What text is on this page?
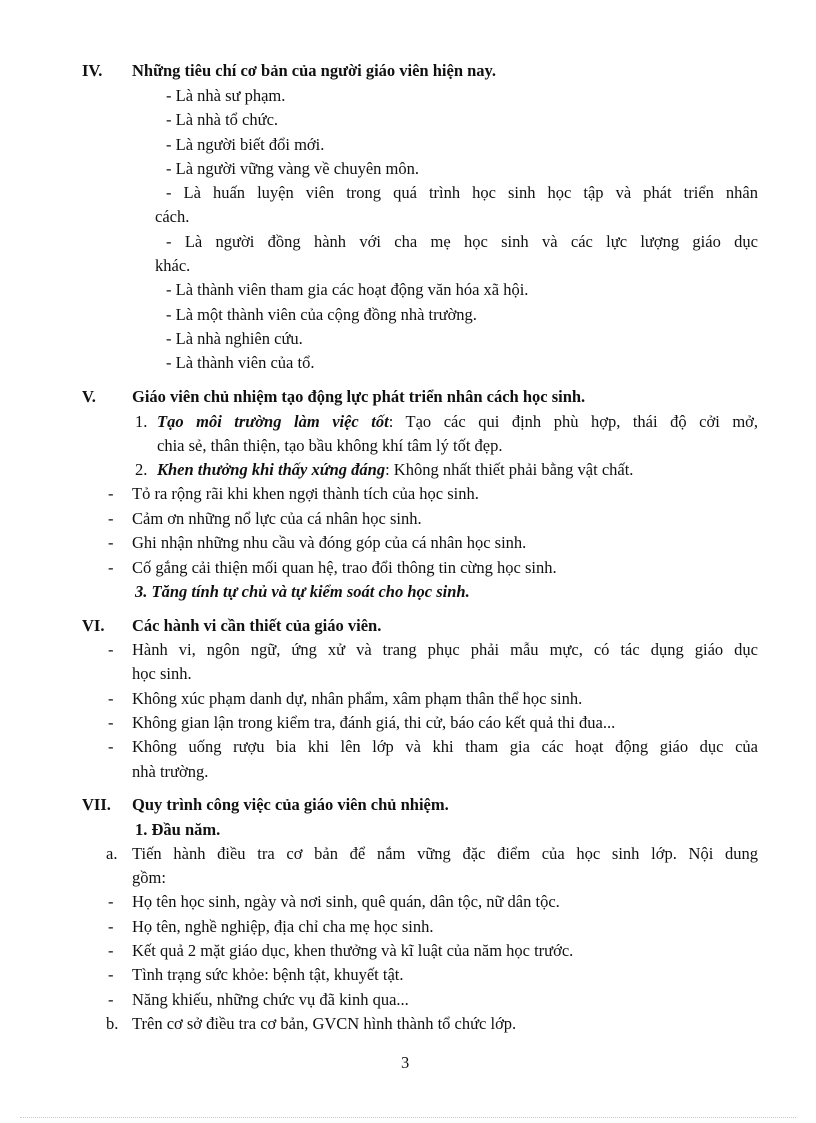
IV. Những tiêu chí cơ bản của người giáo viên hiện nay.
- Là nhà sư phạm.
- Là nhà tổ chức.
- Là người biết đổi mới.
- Là người vững vàng về chuyên môn.
- Là huấn luyện viên trong quá trình học sinh học tập và phát triển nhân
cách.
- Là người đồng hành với cha mẹ học sinh và các lực lượng giáo dục
khác.
- Là thành viên tham gia các hoạt động văn hóa xã hội.
- Là một thành viên của cộng đồng nhà trường.
- Là nhà nghiên cứu.
- Là thành viên của tổ.
V. Giáo viên chủ nhiệm tạo động lực phát triển nhân cách học sinh.
1. Tạo môi trường làm việc tốt: Tạo các qui định phù hợp, thái độ cởi mở,
chia sẻ, thân thiện, tạo bầu không khí tâm lý tốt đẹp.
2. Khen thưởng khi thấy xứng đáng: Không nhất thiết phải bằng vật chất.
- Tỏ ra rộng rãi khi khen ngợi thành tích của học sinh.
- Cảm ơn những nổ lực của cá nhân học sinh.
- Ghi nhận những nhu cầu và đóng góp của cá nhân học sinh.
- Cố gắng cải thiện mối quan hệ, trao đổi thông tin cừng học sinh.
3. Tăng tính tự chủ và tự kiểm soát cho học sinh.
VI. Các hành vi cần thiết của giáo viên.
- Hành vi, ngôn ngữ, ứng xử và trang phục phải mẫu mực, có tác dụng giáo dục
học sinh.
- Không xúc phạm danh dự, nhân phẩm, xâm phạm thân thể học sinh.
- Không gian lận trong kiểm tra, đánh giá, thi cử, báo cáo kết quả thi đua...
- Không uống rượu bia khi lên lớp và khi tham gia các hoạt động giáo dục của
nhà trường.
VII. Quy trình công việc của giáo viên chủ nhiệm.
1. Đầu năm.
a. Tiến hành điều tra cơ bản để nắm vững đặc điểm của học sinh lớp. Nội dung
gồm:
- Họ tên học sinh, ngày và nơi sinh, quê quán, dân tộc, nữ dân tộc.
- Họ tên, nghề nghiệp, địa chỉ cha mẹ học sinh.
- Kết quả 2 mặt giáo dục, khen thưởng và kĩ luật của năm học trước.
- Tình trạng sức khỏe: bệnh tật, khuyết tật.
- Năng khiếu, những chức vụ đã kinh qua...
b. Trên cơ sở điều tra cơ bản, GVCN hình thành tổ chức lớp.
3
